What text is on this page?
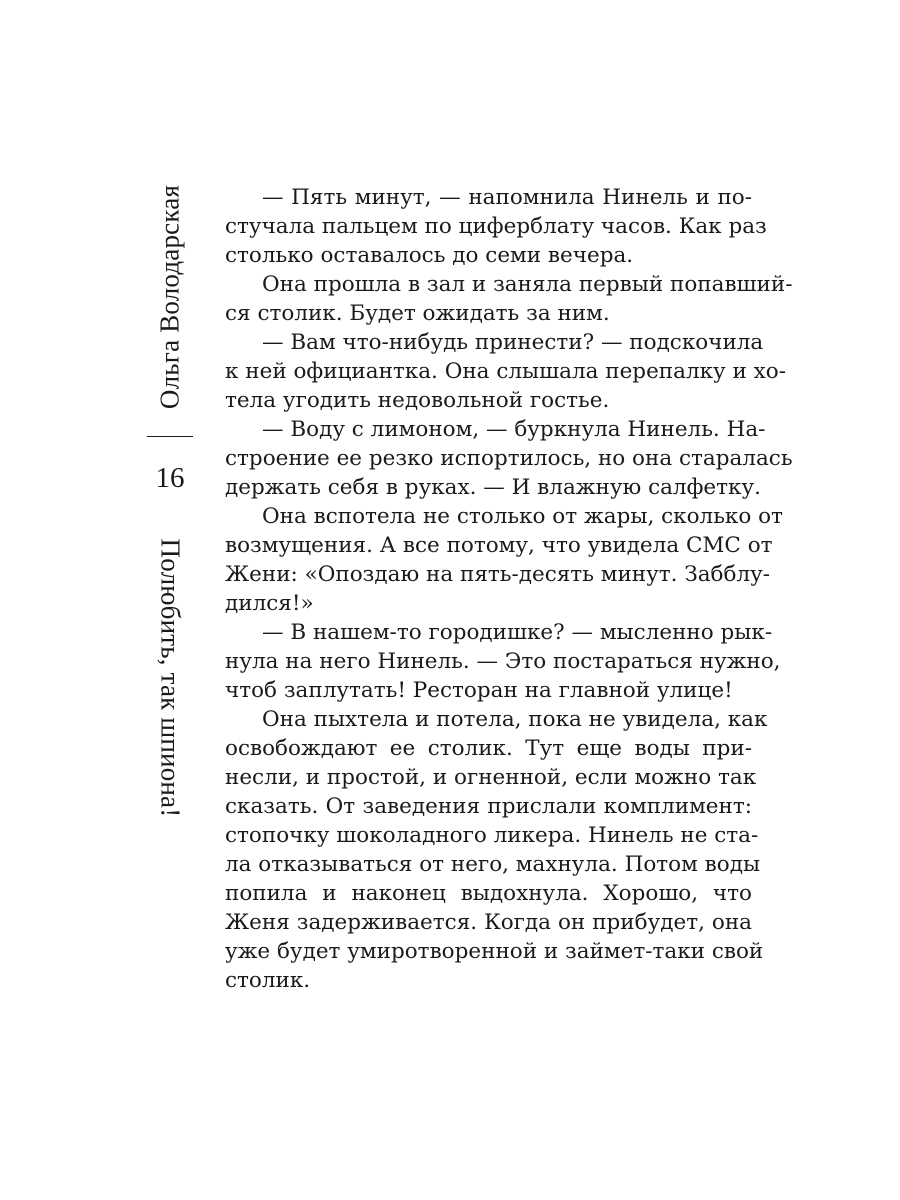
Ольга Володарская
16
Полюбить, так шпиона!
— Пять минут, — напомнила Нинель и по-
стучала пальцем по циферблату часов. Как раз
столько оставалось до семи вечера.
Она прошла в зал и заняла первый попавший-
ся столик. Будет ожидать за ним.
— Вам что-нибудь принести? — подскочила
к ней официантка. Она слышала перепалку и хо-
тела угодить недовольной гостье.
— Воду с лимоном, — буркнула Нинель. На-
строение ее резко испортилось, но она старалась
держать себя в руках. — И влажную салфетку.
Она вспотела не столько от жары, сколько от
возмущения. А все потому, что увидела СМС от
Жени: «Опоздаю на пять-десять минут. Забблу-
дился!»
— В нашем-то городишке? — мысленно рык-
нула на него Нинель. — Это постараться нужно,
чтоб заплутать! Ресторан на главной улице!
Она пыхтела и потела, пока не увидела, как
освобождают ее столик. Тут еще воды при-
несли, и простой, и огненной, если можно так
сказать. От заведения прислали комплимент:
стопочку шоколадного ликера. Нинель не ста-
ла отказываться от него, махнула. Потом воды
попила и наконец выдохнула. Хорошо, что
Женя задерживается. Когда он прибудет, она
уже будет умиротворенной и займет-таки свой
столик.
